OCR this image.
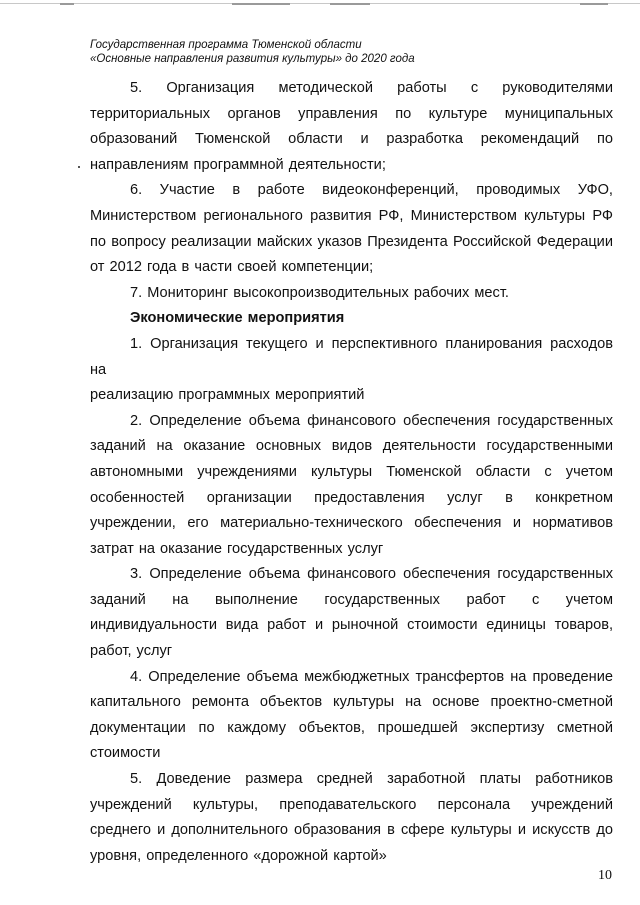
Государственная программа Тюменской области
«Основные направления развития культуры» до 2020 года
5. Организация методической работы с руководителями
территориальных органов управления по культуре муниципальных
образований Тюменской области и разработка рекомендаций по
направлениям программной деятельности;
6. Участие в работе видеоконференций, проводимых УФО,
Министерством регионального развития РФ, Министерством культуры РФ
по вопросу реализации майских указов Президента Российской Федерации
от 2012 года в части своей компетенции;
7. Мониторинг высокопроизводительных рабочих мест.
Экономические мероприятия
1. Организация текущего и перспективного планирования расходов на
реализацию программных мероприятий
2. Определение объема финансового обеспечения государственных
заданий на оказание основных видов деятельности государственными
автономными учреждениями культуры Тюменской области с учетом
особенностей организации предоставления услуг в конкретном
учреждении, его материально-технического обеспечения и нормативов
затрат на оказание государственных услуг
3. Определение объема финансового обеспечения государственных
заданий на выполнение государственных работ с учетом
индивидуальности вида работ и рыночной стоимости единицы товаров,
работ, услуг
4. Определение объема межбюджетных трансфертов на проведение
капитального ремонта объектов культуры на основе проектно-сметной
документации по каждому объектов, прошедшей экспертизу сметной
стоимости
5. Доведение размера средней заработной платы работников
учреждений культуры, преподавательского персонала учреждений
среднего и дополнительного образования в сфере культуры и искусств до
уровня, определенного «дорожной картой»
10
